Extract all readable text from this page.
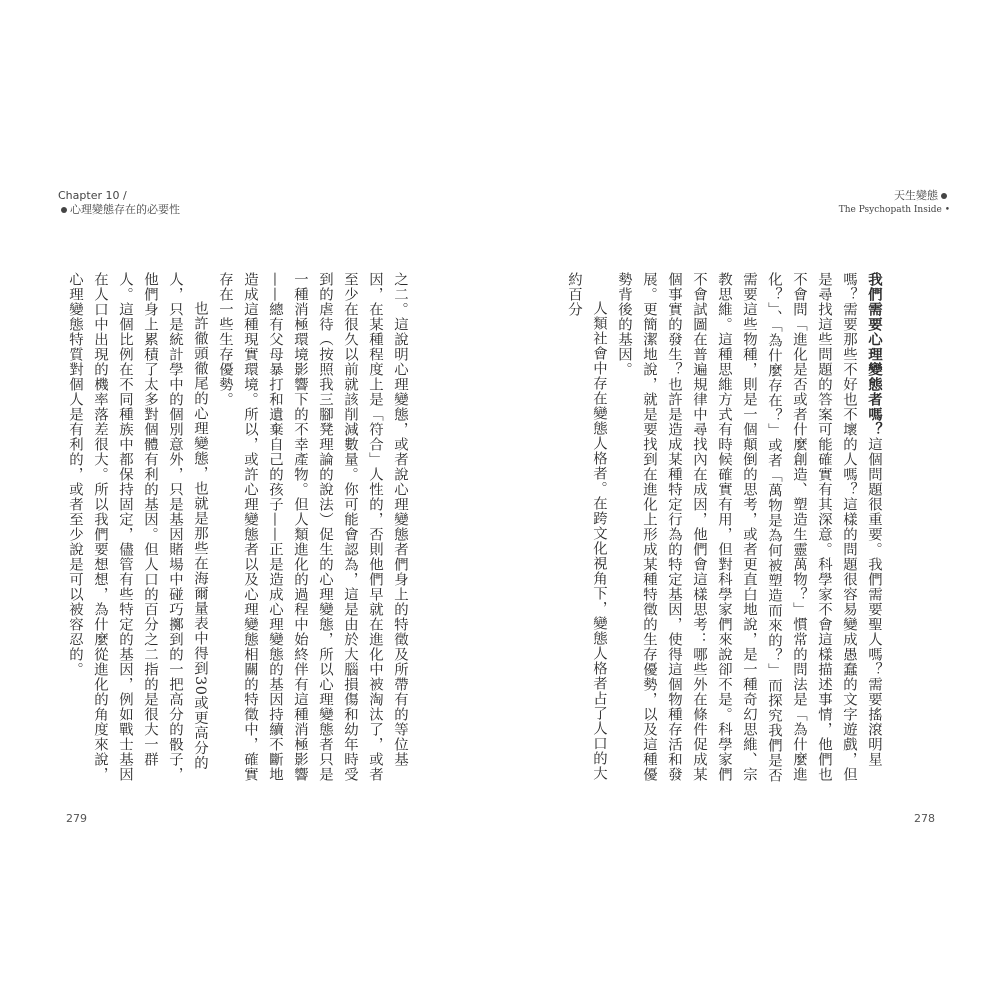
Chapter 10 /
心理變態存在的必要性
天生變態
The Psychopath Inside •

我們需要心理變態者嗎？這個問題很重要。我們需要聖人嗎？需要搖滾明星嗎？需要那些不好也不壞的人嗎？這樣的問題很容易變成愚蠢的文字遊戲，但是尋找這些問題的答案可能確實有其深意。科學家不會這樣描述事情，他們也不會問「進化是否或者什麼創造、塑造生靈萬物？」慣常的問法是「為什麼進化？」、「為什麼存在？」或者「萬物是為何被塑造而來的？」而探究我們是否需要這些物種，則是一個顛倒的思考，或者更直白地說，是一種奇幻思維、宗教思維。這種思維方式有時候確實有用，但對科學家們來說卻不是。科學家們不會試圖在普遍規律中尋找內在成因，他們會這樣思考：哪些外在條件促成某個事實的發生？也許是造成某種特定行為的特定基因，使得這個物種存活和發展。更簡潔地說，就是要找到在進化上形成某種特徵的生存優勢，以及這種優勢背後的基因。

人類社會中存在變態人格者。在跨文化視角下，變態人格者占了人口的大約百分

之二。這說明心理變態，或者說心理變態者們身上的特徵及所帶有的等位基因，在某種程度上是「符合」人性的，否則他們早就在進化中被淘汰了，或者至少在很久以前就該削減數量。你可能會認為，這是由於大腦損傷和幼年時受到的虐待（按照我三腳凳理論的說法）促生的心理變態，所以心理變態者只是一種消極環境影響下的不幸產物。但人類進化的過程中始終伴有這種消極影響——總有父母暴打和遺棄自己的孩子——正是造成心理變態的基因持續不斷地造成這種現實環境。所以，或許心理變態者以及心理變態相關的特徵中，確實存在一些生存優勢。

也許徹頭徹尾的心理變態，也就是那些在海爾量表中得到30或更高分的人，只是統計學中的個別意外，只是基因賭場中碰巧擲到的一把高分的骰子，他們身上累積了太多對個體有利的基因。但人口的百分之二指的是很大一群人。這個比例在不同種族中都保持固定，儘管有些特定的基因，例如戰士基因在人口中出現的機率落差很大。所以我們要想想，為什麼從進化的角度來說，心理變態特質對個人是有利的，或者至少說是可以被容忍的。

279	278
